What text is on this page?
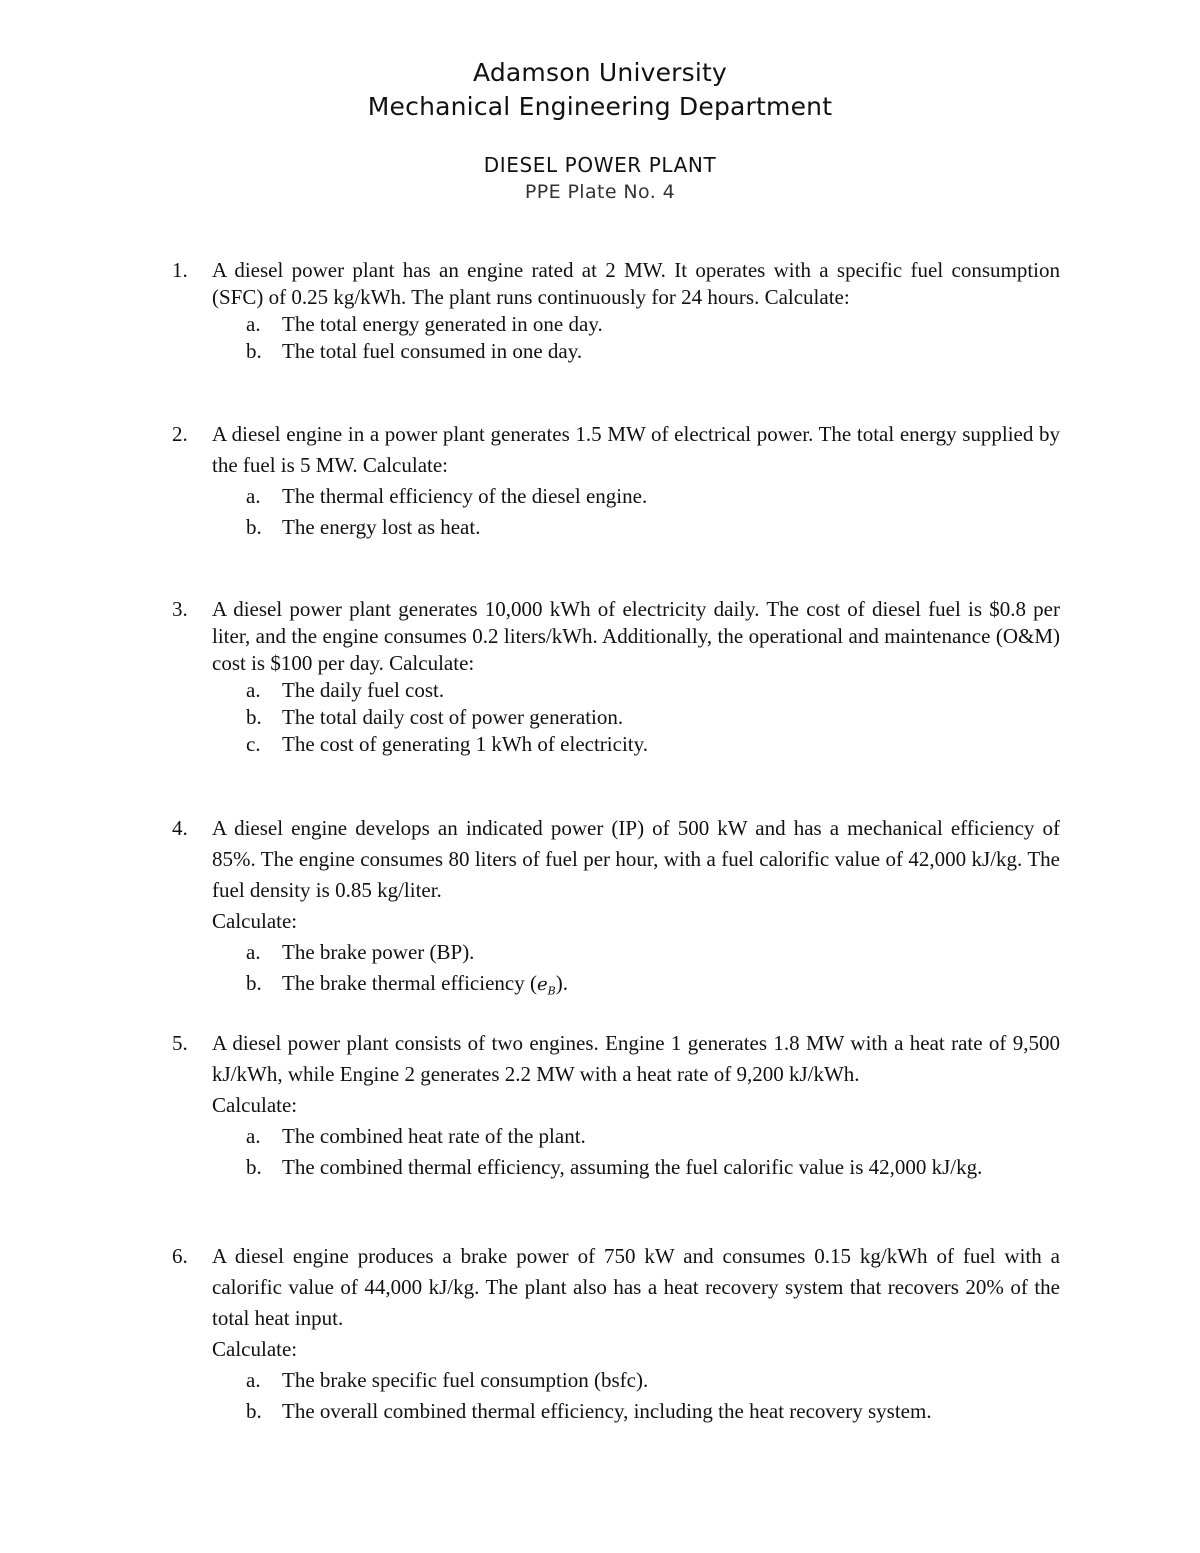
Adamson University
Mechanical Engineering Department
DIESEL POWER PLANT
PPE Plate No. 4
1.	A diesel power plant has an engine rated at 2 MW. It operates with a specific fuel consumption (SFC) of 0.25 kg/kWh. The plant runs continuously for 24 hours. Calculate:

a. The total energy generated in one day.
b. The total fuel consumed in one day.
2.	A diesel engine in a power plant generates 1.5 MW of electrical power. The total energy supplied by the fuel is 5 MW. Calculate:

a. The thermal efficiency of the diesel engine.
b. The energy lost as heat.
3.	A diesel power plant generates 10,000 kWh of electricity daily. The cost of diesel fuel is $0.8 per liter, and the engine consumes 0.2 liters/kWh. Additionally, the operational and maintenance (O&M) cost is $100 per day. Calculate:

a. The daily fuel cost.
b. The total daily cost of power generation.
c. The cost of generating 1 kWh of electricity.
4.	A diesel engine develops an indicated power (IP) of 500 kW and has a mechanical efficiency of 85%. The engine consumes 80 liters of fuel per hour, with a fuel calorific value of 42,000 kJ/kg. The fuel density is 0.85 kg/liter.

Calculate:

a. The brake power (BP).
b. The brake thermal efficiency $(e_B)$.
5.	A diesel power plant consists of two engines. Engine 1 generates 1.8 MW with a heat rate of 9,500 kJ/kWh, while Engine 2 generates 2.2 MW with a heat rate of 9,200 kJ/kWh.

Calculate:

a. The combined heat rate of the plant.
b. The combined thermal efficiency, assuming the fuel calorific value is 42,000 kJ/kg.
6.	A diesel engine produces a brake power of 750 kW and consumes 0.15 kg/kWh of fuel with a calorific value of 44,000 kJ/kg. The plant also has a heat recovery system that recovers 20% of the total heat input.

Calculate:

a. The brake specific fuel consumption (bsfc).
b. The overall combined thermal efficiency, including the heat recovery system.
